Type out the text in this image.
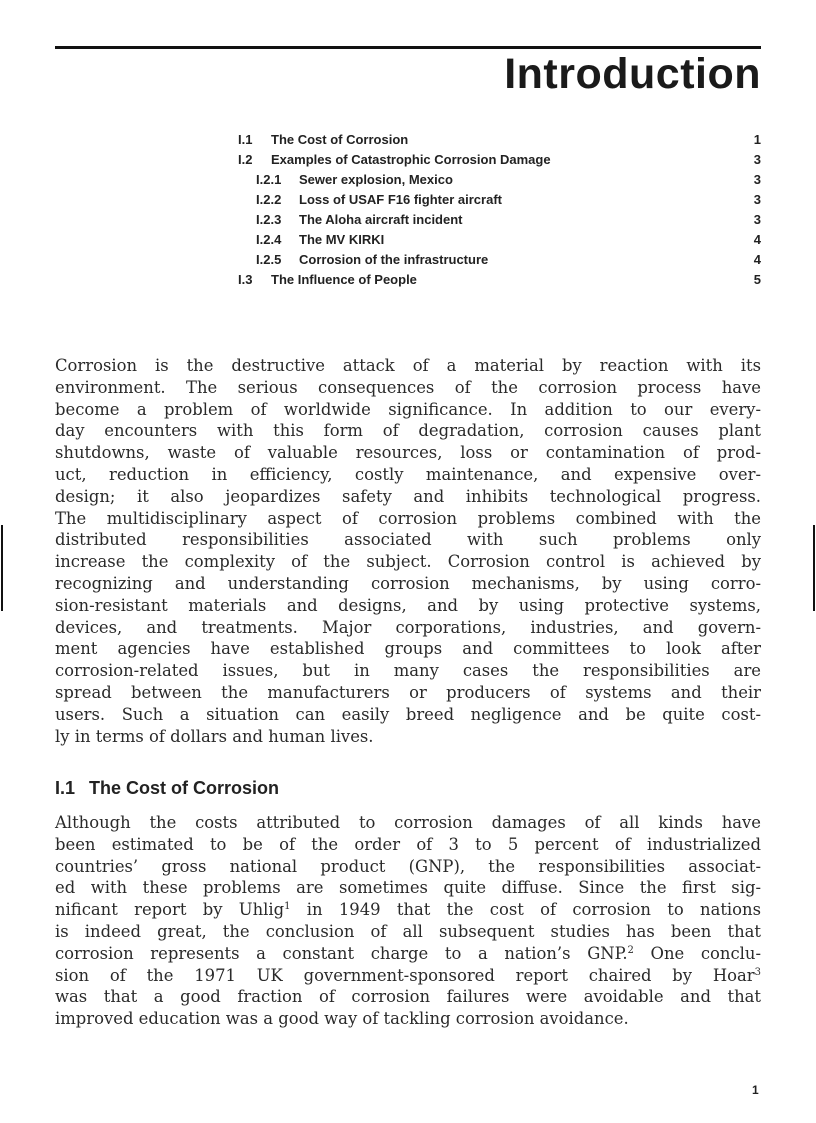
Introduction
I.1	The Cost of Corrosion	1
I.2	Examples of Catastrophic Corrosion Damage	3
I.2.1	Sewer explosion, Mexico	3
I.2.2	Loss of USAF F16 fighter aircraft	3
I.2.3	The Aloha aircraft incident	3
I.2.4	The MV KIRKI	4
I.2.5	Corrosion of the infrastructure	4
I.3	The Influence of People	5
Corrosion is the destructive attack of a material by reaction with its
environment. The serious consequences of the corrosion process have
become a problem of worldwide significance. In addition to our every-
day encounters with this form of degradation, corrosion causes plant
shutdowns, waste of valuable resources, loss or contamination of prod-
uct, reduction in efficiency, costly maintenance, and expensive over-
design; it also jeopardizes safety and inhibits technological progress.
The multidisciplinary aspect of corrosion problems combined with the
distributed responsibilities associated with such problems only
increase the complexity of the subject. Corrosion control is achieved by
recognizing and understanding corrosion mechanisms, by using corro-
sion-resistant materials and designs, and by using protective systems,
devices, and treatments. Major corporations, industries, and govern-
ment agencies have established groups and committees to look after
corrosion-related issues, but in many cases the responsibilities are
spread between the manufacturers or producers of systems and their
users. Such a situation can easily breed negligence and be quite cost-
ly in terms of dollars and human lives.
I.1 The Cost of Corrosion
Although the costs attributed to corrosion damages of all kinds have
been estimated to be of the order of 3 to 5 percent of industrialized
countries’ gross national product (GNP), the responsibilities associat-
ed with these problems are sometimes quite diffuse. Since the first sig-
nificant report by Uhlig$^1$ in 1949 that the cost of corrosion to nations
is indeed great, the conclusion of all subsequent studies has been that
corrosion represents a constant charge to a nation’s GNP.$^2$ One conclu-
sion of the 1971 UK government-sponsored report chaired by Hoar$^3$
was that a good fraction of corrosion failures were avoidable and that
improved education was a good way of tackling corrosion avoidance.
1
